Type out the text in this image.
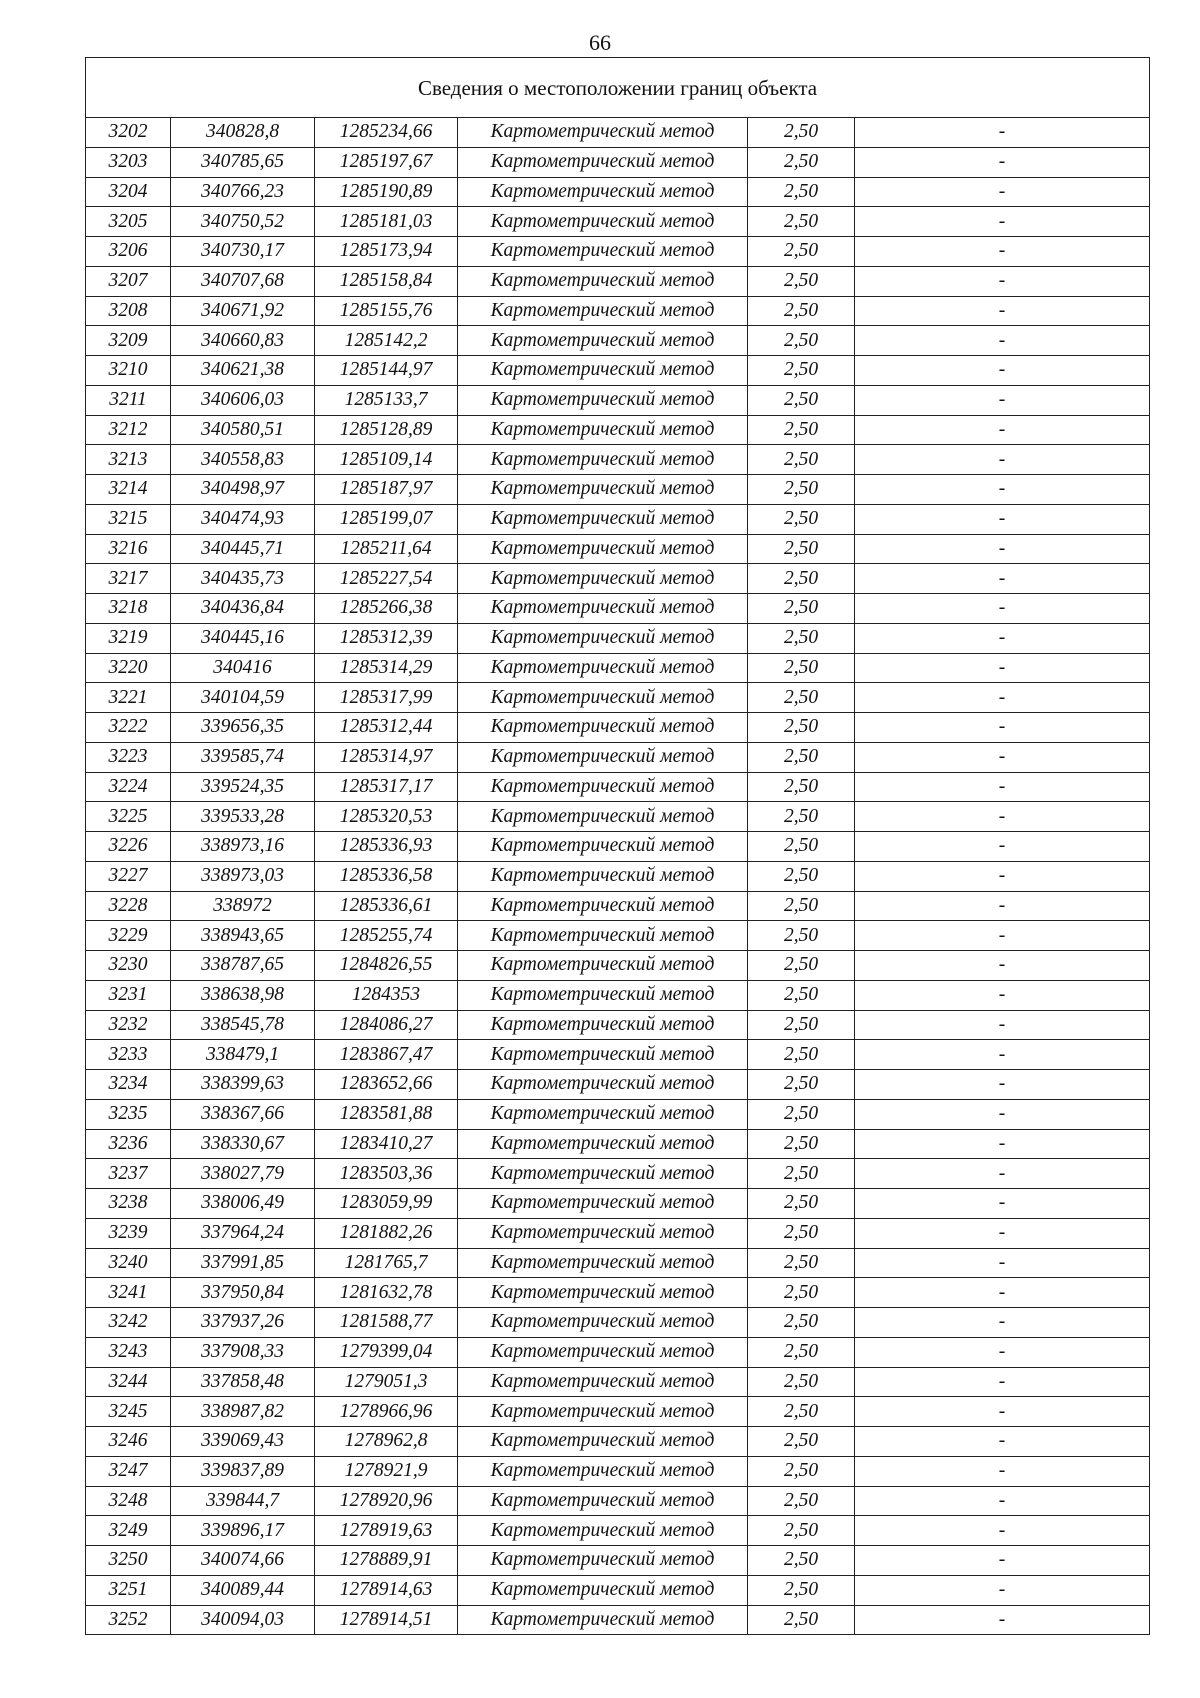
66
Сведения о местоположении границ объекта					
3202	340828,8	1285234,66	Картометрический метод	2,50	-
3203	340785,65	1285197,67	Картометрический метод	2,50	-
3204	340766,23	1285190,89	Картометрический метод	2,50	-
3205	340750,52	1285181,03	Картометрический метод	2,50	-
3206	340730,17	1285173,94	Картометрический метод	2,50	-
3207	340707,68	1285158,84	Картометрический метод	2,50	-
3208	340671,92	1285155,76	Картометрический метод	2,50	-
3209	340660,83	1285142,2	Картометрический метод	2,50	-
3210	340621,38	1285144,97	Картометрический метод	2,50	-
3211	340606,03	1285133,7	Картометрический метод	2,50	-
3212	340580,51	1285128,89	Картометрический метод	2,50	-
3213	340558,83	1285109,14	Картометрический метод	2,50	-
3214	340498,97	1285187,97	Картометрический метод	2,50	-
3215	340474,93	1285199,07	Картометрический метод	2,50	-
3216	340445,71	1285211,64	Картометрический метод	2,50	-
3217	340435,73	1285227,54	Картометрический метод	2,50	-
3218	340436,84	1285266,38	Картометрический метод	2,50	-
3219	340445,16	1285312,39	Картометрический метод	2,50	-
3220	340416	1285314,29	Картометрический метод	2,50	-
3221	340104,59	1285317,99	Картометрический метод	2,50	-
3222	339656,35	1285312,44	Картометрический метод	2,50	-
3223	339585,74	1285314,97	Картометрический метод	2,50	-
3224	339524,35	1285317,17	Картометрический метод	2,50	-
3225	339533,28	1285320,53	Картометрический метод	2,50	-
3226	338973,16	1285336,93	Картометрический метод	2,50	-
3227	338973,03	1285336,58	Картометрический метод	2,50	-
3228	338972	1285336,61	Картометрический метод	2,50	-
3229	338943,65	1285255,74	Картометрический метод	2,50	-
3230	338787,65	1284826,55	Картометрический метод	2,50	-
3231	338638,98	1284353	Картометрический метод	2,50	-
3232	338545,78	1284086,27	Картометрический метод	2,50	-
3233	338479,1	1283867,47	Картометрический метод	2,50	-
3234	338399,63	1283652,66	Картометрический метод	2,50	-
3235	338367,66	1283581,88	Картометрический метод	2,50	-
3236	338330,67	1283410,27	Картометрический метод	2,50	-
3237	338027,79	1283503,36	Картометрический метод	2,50	-
3238	338006,49	1283059,99	Картометрический метод	2,50	-
3239	337964,24	1281882,26	Картометрический метод	2,50	-
3240	337991,85	1281765,7	Картометрический метод	2,50	-
3241	337950,84	1281632,78	Картометрический метод	2,50	-
3242	337937,26	1281588,77	Картометрический метод	2,50	-
3243	337908,33	1279399,04	Картометрический метод	2,50	-
3244	337858,48	1279051,3	Картометрический метод	2,50	-
3245	338987,82	1278966,96	Картометрический метод	2,50	-
3246	339069,43	1278962,8	Картометрический метод	2,50	-
3247	339837,89	1278921,9	Картометрический метод	2,50	-
3248	339844,7	1278920,96	Картометрический метод	2,50	-
3249	339896,17	1278919,63	Картометрический метод	2,50	-
3250	340074,66	1278889,91	Картометрический метод	2,50	-
3251	340089,44	1278914,63	Картометрический метод	2,50	-
3252	340094,03	1278914,51	Картометрический метод	2,50	-
